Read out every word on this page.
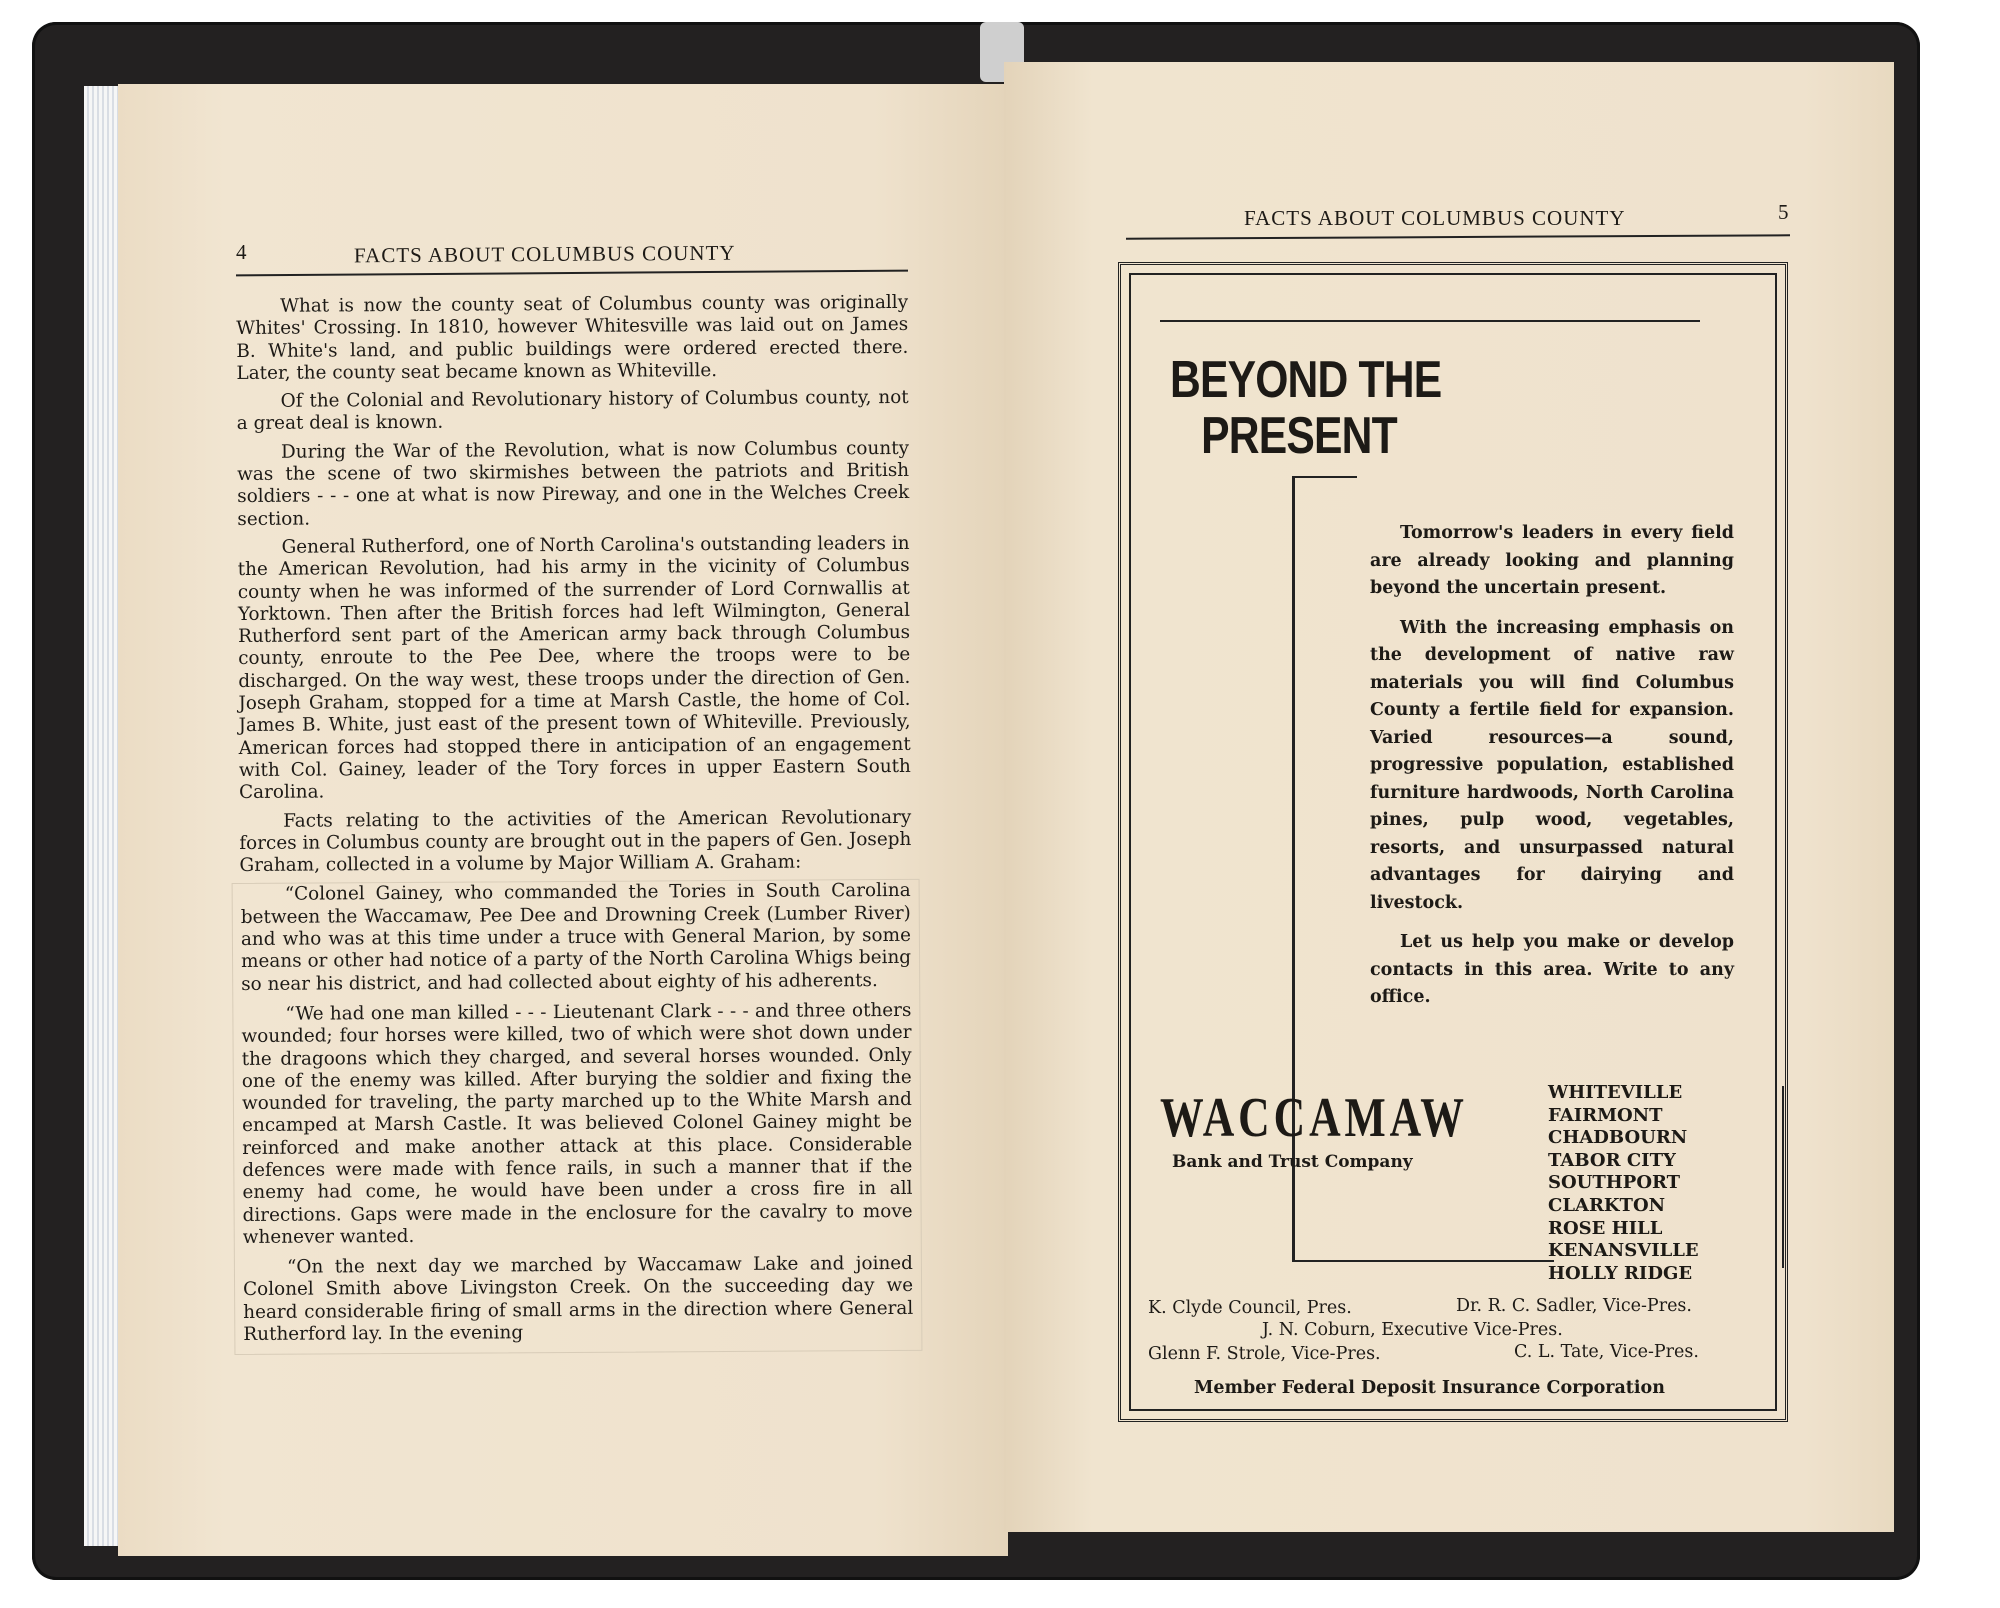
4	FACTS ABOUT COLUMBUS COUNTY

What is now the county seat of Columbus county was originally Whites' Crossing. In 1810, however Whitesville was laid out on James B. White's land, and public buildings were ordered erected there. Later, the county seat became known as Whiteville.

Of the Colonial and Revolutionary history of Columbus county, not a great deal is known.

During the War of the Revolution, what is now Columbus county was the scene of two skirmishes between the patriots and British soldiers - - - one at what is now Pireway, and one in the Welches Creek section.

General Rutherford, one of North Carolina's outstanding leaders in the American Revolution, had his army in the vicinity of Columbus county when he was informed of the surrender of Lord Cornwallis at Yorktown. Then after the British forces had left Wilmington, General Rutherford sent part of the American army back through Columbus county, enroute to the Pee Dee, where the troops were to be discharged. On the way west, these troops under the direction of Gen. Joseph Graham, stopped for a time at Marsh Castle, the home of Col. James B. White, just east of the present town of Whiteville. Previously, American forces had stopped there in anticipation of an engagement with Col. Gainey, leader of the Tory forces in upper Eastern South Carolina.

Facts relating to the activities of the American Revolutionary forces in Columbus county are brought out in the papers of Gen. Joseph Graham, collected in a volume by Major William A. Graham:

“Colonel Gainey, who commanded the Tories in South Carolina between the Waccamaw, Pee Dee and Drowning Creek (Lumber River) and who was at this time under a truce with General Marion, by some means or other had notice of a party of the North Carolina Whigs being so near his district, and had collected about eighty of his adherents.

“We had one man killed - - - Lieutenant Clark - - - and three others wounded; four horses were killed, two of which were shot down under the dragoons which they charged, and several horses wounded. Only one of the enemy was killed. After burying the soldier and fixing the wounded for traveling, the party marched up to the White Marsh and encamped at Marsh Castle. It was believed Colonel Gainey might be reinforced and make another attack at this place. Considerable defences were made with fence rails, in such a manner that if the enemy had come, he would have been under a cross fire in all directions. Gaps were made in the enclosure for the cavalry to move whenever wanted.

“On the next day we marched by Waccamaw Lake and joined Colonel Smith above Livingston Creek. On the succeeding day we heard considerable firing of small arms in the direction where General Rutherford lay. In the evening

FACTS ABOUT COLUMBUS COUNTY	5
BEYOND THE
PRESENT

Tomorrow's leaders in every field are already looking and planning beyond the uncertain present.

With the increasing emphasis on the development of native raw materials you will find Columbus County a fertile field for expansion. Varied resources—a sound, progressive population, established furniture hardwoods, North Carolina pines, pulp wood, vegetables, resorts, and unsurpassed natural advantages for dairying and livestock.

Let us help you make or develop contacts in this area. Write to any office.

WACCAMAW
Bank and Trust Company
WHITEVILLE
FAIRMONT
CHADBOURN
TABOR CITY
SOUTHPORT
CLARKTON
ROSE HILL
KENANSVILLE
HOLLY RIDGE
K. Clyde Council, Pres.	Dr. R. C. Sadler, Vice-Pres.
J. N. Coburn, Executive Vice-Pres.
Glenn F. Strole, Vice-Pres.	C. L. Tate, Vice-Pres.
Member Federal Deposit Insurance Corporation
